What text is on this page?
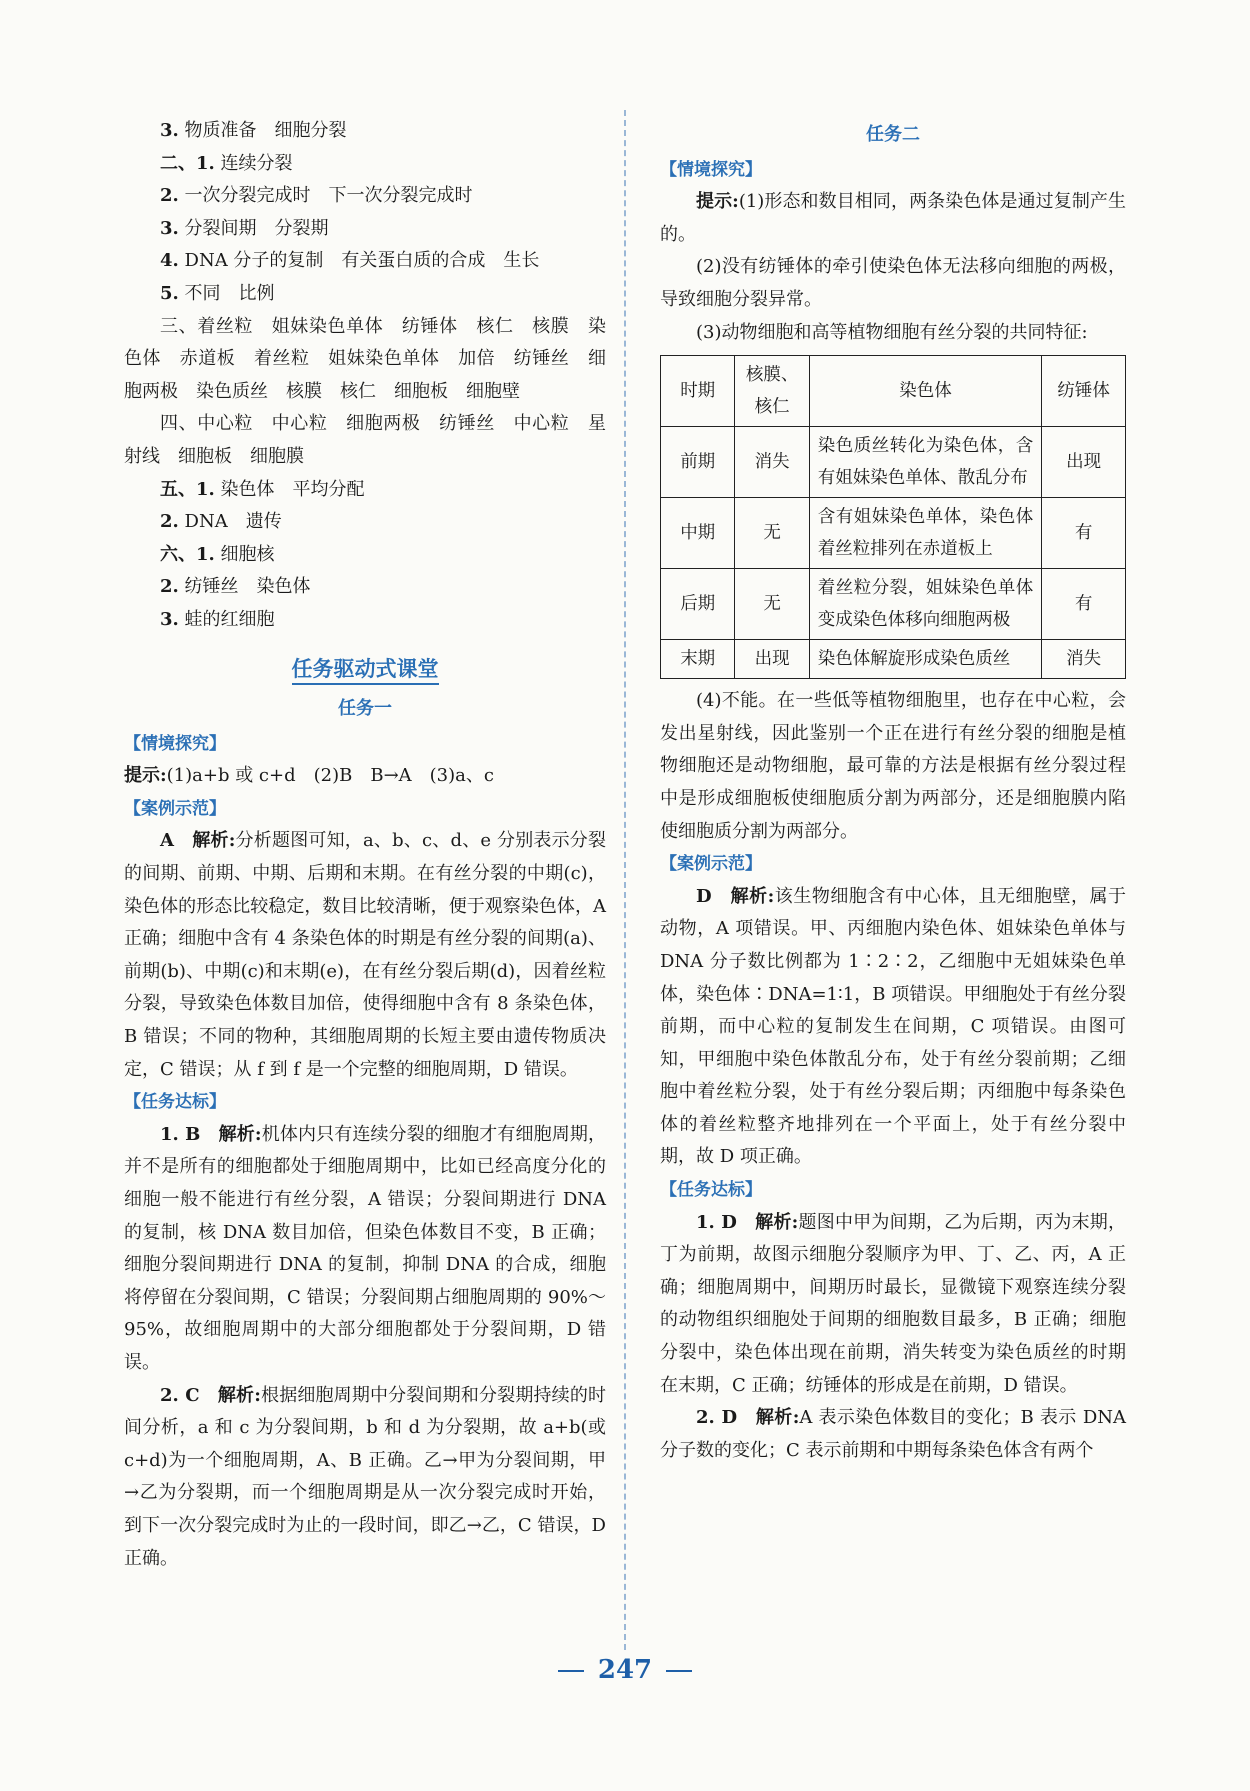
3. 物质准备　细胞分裂

二、1. 连续分裂

2. 一次分裂完成时　下一次分裂完成时

3. 分裂间期　分裂期

4. DNA 分子的复制　有关蛋白质的合成　生长

5. 不同　比例

三、着丝粒　姐妹染色单体　纺锤体　核仁　核膜　染色体　赤道板　着丝粒　姐妹染色单体　加倍　纺锤丝　细胞两极　染色质丝　核膜　核仁　细胞板　细胞壁

四、中心粒　中心粒　细胞两极　纺锤丝　中心粒　星射线　细胞板　细胞膜

五、1. 染色体　平均分配

2. DNA　遗传

六、1. 细胞核

2. 纺锤丝　染色体

3. 蛙的红细胞

任务驱动式课堂
任务一

【情境探究】

提示:(1)a+b 或 c+d　(2)B　B→A　(3)a、c

【案例示范】

A　解析:分析题图可知，a、b、c、d、e 分别表示分裂的间期、前期、中期、后期和末期。在有丝分裂的中期(c)，染色体的形态比较稳定，数目比较清晰，便于观察染色体，A 正确；细胞中含有 4 条染色体的时期是有丝分裂的间期(a)、前期(b)、中期(c)和末期(e)，在有丝分裂后期(d)，因着丝粒分裂，导致染色体数目加倍，使得细胞中含有 8 条染色体，B 错误；不同的物种，其细胞周期的长短主要由遗传物质决定，C 错误；从 f 到 f 是一个完整的细胞周期，D 错误。

【任务达标】

1. B　解析:机体内只有连续分裂的细胞才有细胞周期，并不是所有的细胞都处于细胞周期中，比如已经高度分化的细胞一般不能进行有丝分裂，A 错误；分裂间期进行 DNA 的复制，核 DNA 数目加倍，但染色体数目不变，B 正确；细胞分裂间期进行 DNA 的复制，抑制 DNA 的合成，细胞将停留在分裂间期，C 错误；分裂间期占细胞周期的 90%～95%，故细胞周期中的大部分细胞都处于分裂间期，D 错误。

2. C　解析:根据细胞周期中分裂间期和分裂期持续的时间分析，a 和 c 为分裂间期，b 和 d 为分裂期，故 a+b(或 c+d)为一个细胞周期，A、B 正确。乙→甲为分裂间期，甲→乙为分裂期，而一个细胞周期是从一次分裂完成时开始，到下一次分裂完成时为止的一段时间，即乙→乙，C 错误，D 正确。

任务二

【情境探究】

提示:(1)形态和数目相同，两条染色体是通过复制产生的。

(2)没有纺锤体的牵引使染色体无法移向细胞的两极，导致细胞分裂异常。

(3)动物细胞和高等植物细胞有丝分裂的共同特征:

时期	核膜、核仁	染色体	纺锤体
前期	消失	染色质丝转化为染色体，含有姐妹染色单体、散乱分布	出现
中期	无	含有姐妹染色单体，染色体着丝粒排列在赤道板上	有
后期	无	着丝粒分裂，姐妹染色单体变成染色体移向细胞两极	有
末期	出现	染色体解旋形成染色质丝	消失

(4)不能。在一些低等植物细胞里，也存在中心粒，会发出星射线，因此鉴别一个正在进行有丝分裂的细胞是植物细胞还是动物细胞，最可靠的方法是根据有丝分裂过程中是形成细胞板使细胞质分割为两部分，还是细胞膜内陷使细胞质分割为两部分。

【案例示范】

D　解析:该生物细胞含有中心体，且无细胞壁，属于动物，A 项错误。甲、丙细胞内染色体、姐妹染色单体与 DNA 分子数比例都为 1∶2∶2，乙细胞中无姐妹染色单体，染色体∶DNA=1∶1，B 项错误。甲细胞处于有丝分裂前期，而中心粒的复制发生在间期，C 项错误。由图可知，甲细胞中染色体散乱分布，处于有丝分裂前期；乙细胞中着丝粒分裂，处于有丝分裂后期；丙细胞中每条染色体的着丝粒整齐地排列在一个平面上，处于有丝分裂中期，故 D 项正确。

【任务达标】

1. D　解析:题图中甲为间期，乙为后期，丙为末期，丁为前期，故图示细胞分裂顺序为甲、丁、乙、丙，A 正确；细胞周期中，间期历时最长，显微镜下观察连续分裂的动物组织细胞处于间期的细胞数目最多，B 正确；细胞分裂中，染色体出现在前期，消失转变为染色质丝的时期在末期，C 正确；纺锤体的形成是在前期，D 错误。

2. D　解析:A 表示染色体数目的变化；B 表示 DNA 分子数的变化；C 表示前期和中期每条染色体含有两个

247
